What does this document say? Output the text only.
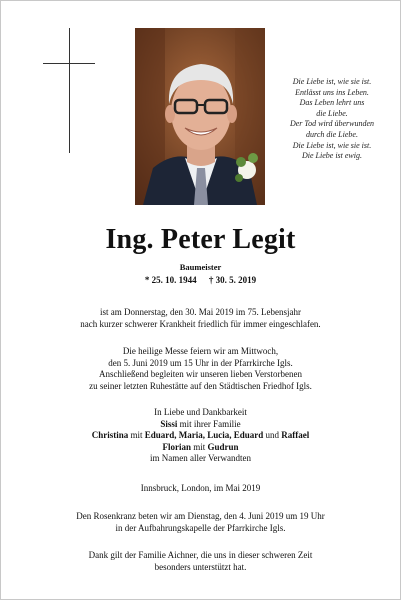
Die Liebe ist, wie sie ist.
Entlässt uns ins Leben.
Das Leben lehrt uns
die Liebe.
Der Tod wird überwunden
durch die Liebe.
Die Liebe ist, wie sie ist.
Die Liebe ist ewig.
Ing. Peter Legit
Baumeister
* 25. 10. 1944 † 30. 5. 2019
ist am Donnerstag, den 30. Mai 2019 im 75. Lebensjahr
nach kurzer schwerer Krankheit friedlich für immer eingeschlafen.
Die heilige Messe feiern wir am Mittwoch,
den 5. Juni 2019 um 15 Uhr in der Pfarrkirche Igls.
Anschließend begleiten wir unseren lieben Verstorbenen
zu seiner letzten Ruhestätte auf den Städtischen Friedhof Igls.
In Liebe und Dankbarkeit
Sissi mit ihrer Familie
Christina mit Eduard, Maria, Lucia, Eduard und Raffael
Florian mit Gudrun
im Namen aller Verwandten
Innsbruck, London, im Mai 2019
Den Rosenkranz beten wir am Dienstag, den 4. Juni 2019 um 19 Uhr
in der Aufbahrungskapelle der Pfarrkirche Igls.
Dank gilt der Familie Aichner, die uns in dieser schweren Zeit
besonders unterstützt hat.
